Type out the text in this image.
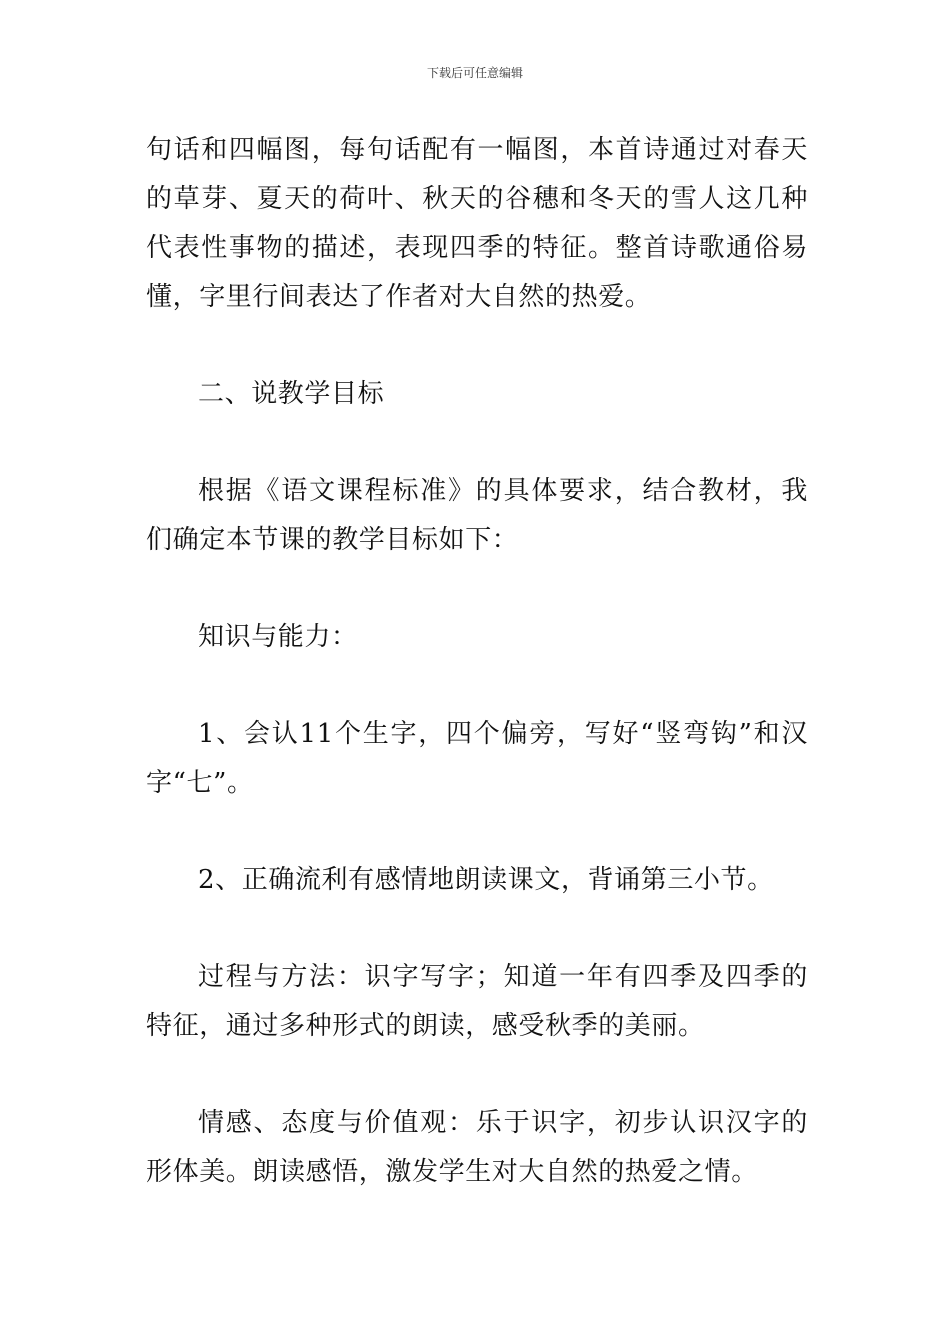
下载后可任意编辑

句话和四幅图，每句话配有一幅图，本首诗通过对春天的草芽、夏天的荷叶、秋天的谷穗和冬天的雪人这几种代表性事物的描述，表现四季的特征。整首诗歌通俗易懂，字里行间表达了作者对大自然的热爱。

二、说教学目标

根据《语文课程标准》的具体要求，结合教材，我们确定本节课的教学目标如下：

知识与能力：

1、会认11个生字，四个偏旁，写好“竖弯钩”和汉字“七”。

2、正确流利有感情地朗读课文，背诵第三小节。

过程与方法：识字写字；知道一年有四季及四季的特征，通过多种形式的朗读，感受秋季的美丽。

情感、态度与价值观：乐于识字，初步认识汉字的形体美。朗读感悟，激发学生对大自然的热爱之情。
